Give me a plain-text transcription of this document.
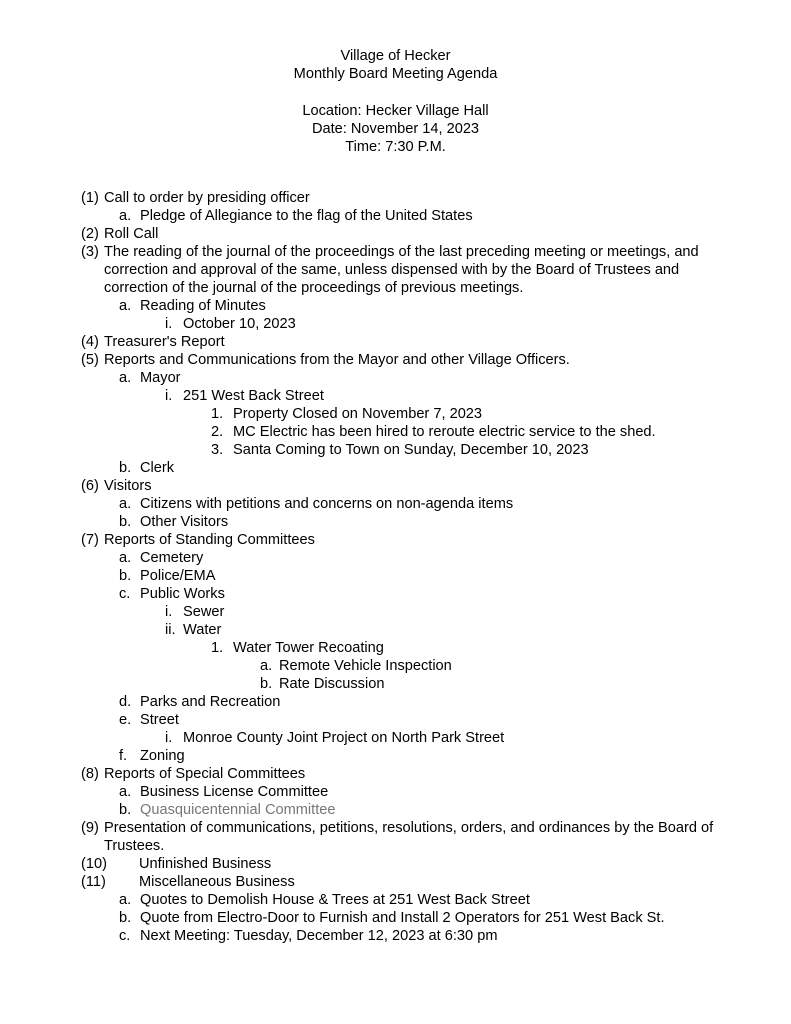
Village of Hecker
Monthly Board Meeting Agenda
Location: Hecker Village Hall
Date: November 14, 2023
Time: 7:30 P.M.
(1) Call to order by presiding officer
a. Pledge of Allegiance to the flag of the United States
(2) Roll Call
(3) The reading of the journal of the proceedings of the last preceding meeting or meetings, and correction and approval of the same, unless dispensed with by the Board of Trustees and correction of the journal of the proceedings of previous meetings.
a. Reading of Minutes
i. October 10, 2023
(4) Treasurer's Report
(5) Reports and Communications from the Mayor and other Village Officers.
a. Mayor
i. 251 West Back Street
1. Property Closed on November 7, 2023
2. MC Electric has been hired to reroute electric service to the shed.
3. Santa Coming to Town on Sunday, December 10, 2023
b. Clerk
(6) Visitors
a. Citizens with petitions and concerns on non-agenda items
b. Other Visitors
(7) Reports of Standing Committees
a. Cemetery
b. Police/EMA
c. Public Works
i. Sewer
ii. Water
1. Water Tower Recoating
a. Remote Vehicle Inspection
b. Rate Discussion
d. Parks and Recreation
e. Street
i. Monroe County Joint Project on North Park Street
f. Zoning
(8) Reports of Special Committees
a. Business License Committee
b. Quasquicentennial Committee
(9) Presentation of communications, petitions, resolutions, orders, and ordinances by the Board of Trustees.
(10) Unfinished Business
(11) Miscellaneous Business
a. Quotes to Demolish House & Trees at 251 West Back Street
b. Quote from Electro-Door to Furnish and Install 2 Operators for 251 West Back St.
c. Next Meeting: Tuesday, December 12, 2023 at 6:30 pm
